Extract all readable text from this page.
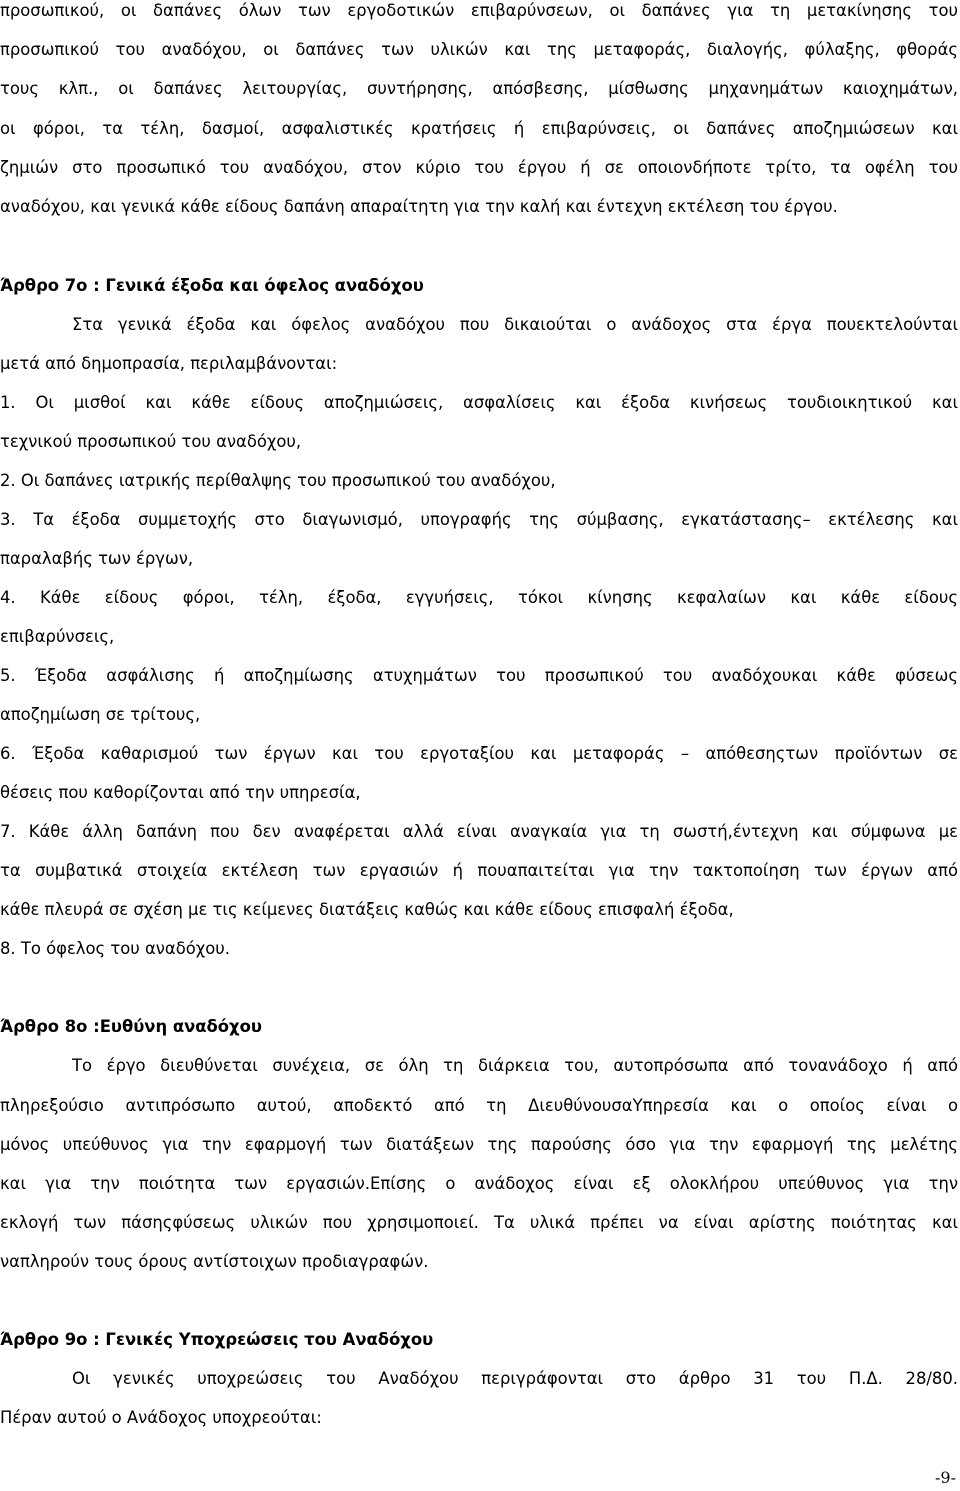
προσωπικού, οι δαπάνες όλων των εργοδοτικών επιβαρύνσεων, οι δαπάνες για τη μετακίνησης του
προσωπικού του αναδόχου, οι δαπάνες των υλικών και της μεταφοράς, διαλογής, φύλαξης, φθοράς
τους κλπ., οι δαπάνες λειτουργίας, συντήρησης, απόσβεσης, μίσθωσης μηχανημάτων καιοχημάτων,
οι φόροι, τα τέλη, δασμοί, ασφαλιστικές κρατήσεις ή επιβαρύνσεις, οι δαπάνες αποζημιώσεων και
ζημιών στο προσωπικό του αναδόχου, στον κύριο του έργου ή σε οποιονδήποτε τρίτο, τα οφέλη του
αναδόχου, και γενικά κάθε είδους δαπάνη απαραίτητη για την καλή και έντεχνη εκτέλεση του έργου.
Άρθρο 7ο : Γενικά έξοδα και όφελος αναδόχου
Στα γενικά έξοδα και όφελος αναδόχου που δικαιούται ο ανάδοχος στα έργα πουεκτελούνται
μετά από δημοπρασία, περιλαμβάνονται:
1. Οι μισθοί και κάθε είδους αποζημιώσεις, ασφαλίσεις και έξοδα κινήσεως τουδιοικητικού και
τεχνικού προσωπικού του αναδόχου,
2. Οι δαπάνες ιατρικής περίθαλψης του προσωπικού του αναδόχου,
3. Τα έξοδα συμμετοχής στο διαγωνισμό, υπογραφής της σύμβασης, εγκατάστασης– εκτέλεσης και
παραλαβής των έργων,
4. Κάθε είδους φόροι, τέλη, έξοδα, εγγυήσεις, τόκοι κίνησης κεφαλαίων και κάθε είδους
επιβαρύνσεις,
5. Έξοδα ασφάλισης ή αποζημίωσης ατυχημάτων του προσωπικού του αναδόχουκαι κάθε φύσεως
αποζημίωση σε τρίτους,
6. Έξοδα καθαρισμού των έργων και του εργοταξίου και μεταφοράς – απόθεσηςτων προϊόντων σε
θέσεις που καθορίζονται από την υπηρεσία,
7. Κάθε άλλη δαπάνη που δεν αναφέρεται αλλά είναι αναγκαία για τη σωστή,έντεχνη και σύμφωνα με
τα συμβατικά στοιχεία εκτέλεση των εργασιών ή πουαπαιτείται για την τακτοποίηση των έργων από
κάθε πλευρά σε σχέση με τις κείμενες διατάξεις καθώς και κάθε είδους επισφαλή έξοδα,
8. Το όφελος του αναδόχου.
Άρθρο 8ο :Ευθύνη αναδόχου
Το έργο διευθύνεται συνέχεια, σε όλη τη διάρκεια του, αυτοπρόσωπα από τονανάδοχο ή από
πληρεξούσιο αντιπρόσωπο αυτού, αποδεκτό από τη ΔιευθύνουσαΥπηρεσία και ο οποίος είναι ο
μόνος υπεύθυνος για την εφαρμογή των διατάξεων της παρούσης όσο για την εφαρμογή της μελέτης
και για την ποιότητα των εργασιών.Επίσης ο ανάδοχος είναι εξ ολοκλήρου υπεύθυνος για την
εκλογή των πάσηςφύσεως υλικών που χρησιμοποιεί. Τα υλικά πρέπει να είναι αρίστης ποιότητας και
ναπληρούν τους όρους αντίστοιχων προδιαγραφών.
Άρθρο 9ο : Γενικές Υποχρεώσεις του Αναδόχου
Οι γενικές υποχρεώσεις του Αναδόχου περιγράφονται στο άρθρο 31 του Π.Δ. 28/80.
Πέραν αυτού ο Ανάδοχος υποχρεούται:
-9-
